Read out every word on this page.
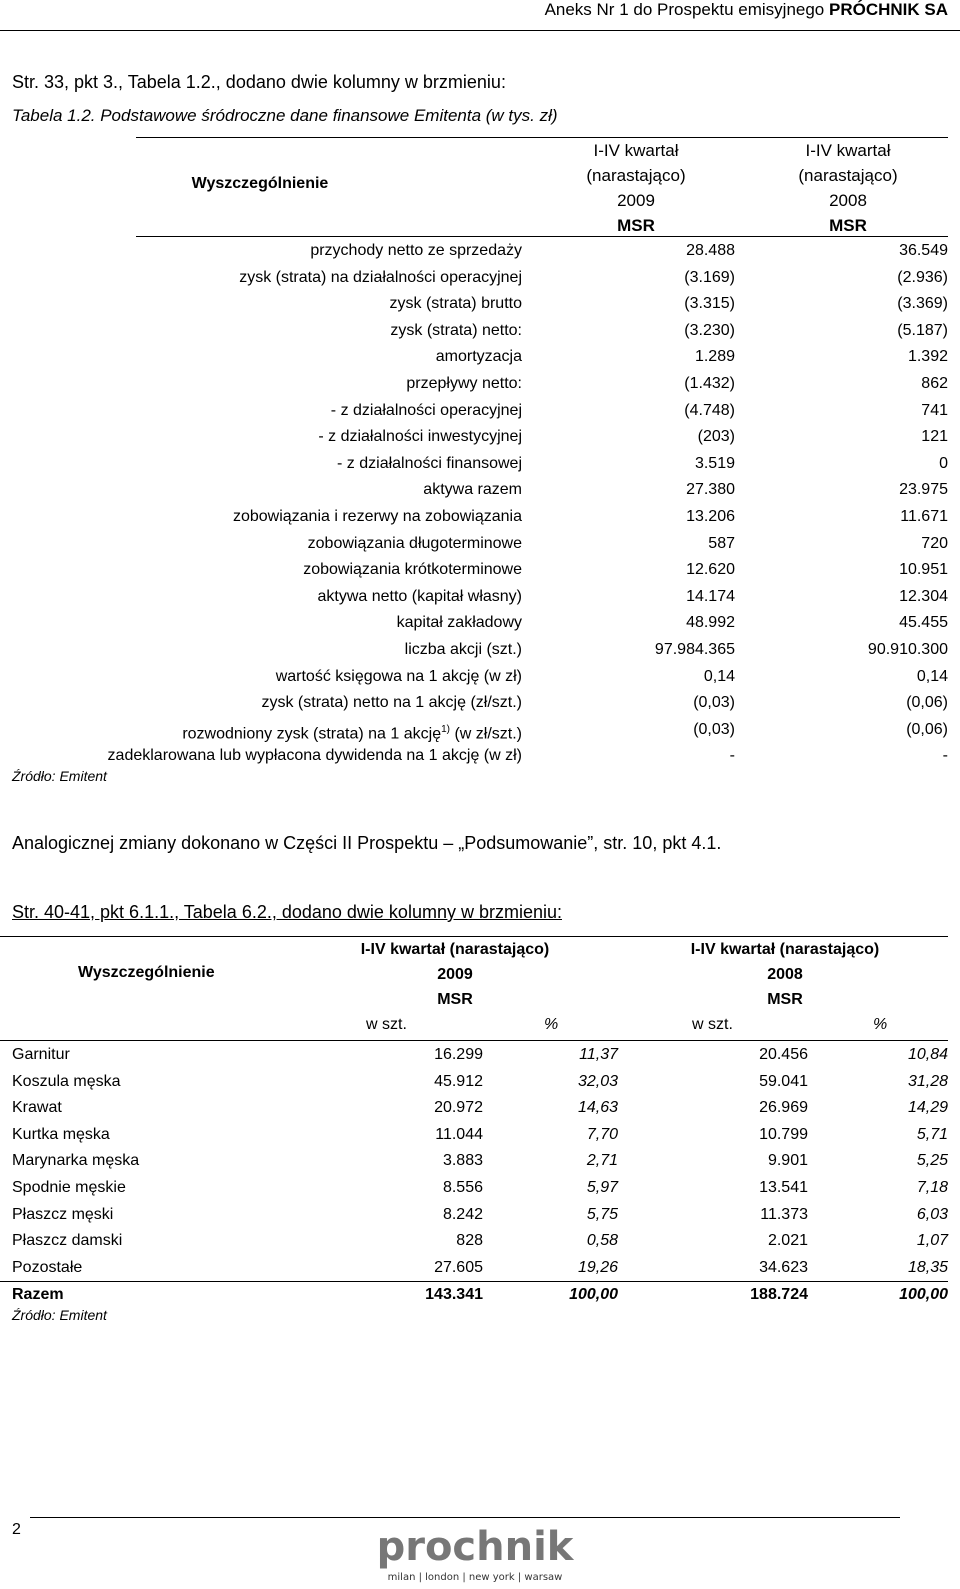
Aneks Nr 1 do Prospektu emisyjnego PRÓCHNIK SA
Str. 33, pkt 3., Tabela 1.2., dodano dwie kolumny w brzmieniu:
Tabela 1.2. Podstawowe śródroczne dane finansowe Emitenta (w tys. zł)
Wyszczególnienie
I-IV kwartał
(narastająco)
2009
MSR
I-IV kwartał
(narastająco)
2008
MSR
przychody netto ze sprzedaży	28.488	36.549
zysk (strata) na działalności operacyjnej	(3.169)	(2.936)
zysk (strata) brutto	(3.315)	(3.369)
zysk (strata) netto:	(3.230)	(5.187)
amortyzacja	1.289	1.392
przepływy netto:	(1.432)	862
- z działalności operacyjnej	(4.748)	741
- z działalności inwestycyjnej	(203)	121
- z działalności finansowej	3.519	0
aktywa razem	27.380	23.975
zobowiązania i rezerwy na zobowiązania	13.206	11.671
zobowiązania długoterminowe	587	720
zobowiązania krótkoterminowe	12.620	10.951
aktywa netto (kapitał własny)	14.174	12.304
kapitał zakładowy	48.992	45.455
liczba akcji (szt.)	97.984.365	90.910.300
wartość księgowa na 1 akcję (w zł)	0,14	0,14
zysk (strata) netto na 1 akcję (zł/szt.)	(0,03)	(0,06)
rozwodniony zysk (strata) na 1 akcję$^{1)}$ (w zł/szt.)	(0,03)	(0,06)
zadeklarowana lub wypłacona dywidenda na 1 akcję (w zł)	-	-
Źródło: Emitent
Analogicznej zmiany dokonano w Części II Prospektu – „Podsumowanie”, str. 10, pkt 4.1.
Str. 40-41, pkt 6.1.1., Tabela 6.2., dodano dwie kolumny w brzmieniu:
Wyszczególnienie
I-IV kwartał (narastająco)
2009
MSR
I-IV kwartał (narastająco)
2008
MSR
w szt.	%	w szt.	%
Garnitur	16.299	11,37	20.456	10,84
Koszula męska	45.912	32,03	59.041	31,28
Krawat	20.972	14,63	26.969	14,29
Kurtka męska	11.044	7,70	10.799	5,71
Marynarka męska	3.883	2,71	9.901	5,25
Spodnie męskie	8.556	5,97	13.541	7,18
Płaszcz męski	8.242	5,75	11.373	6,03
Płaszcz damski	828	0,58	2.021	1,07
Pozostałe	27.605	19,26	34.623	18,35
Razem	143.341	100,00	188.724	100,00
Źródło: Emitent
2	prochnik
milan | london | new york | warsaw
